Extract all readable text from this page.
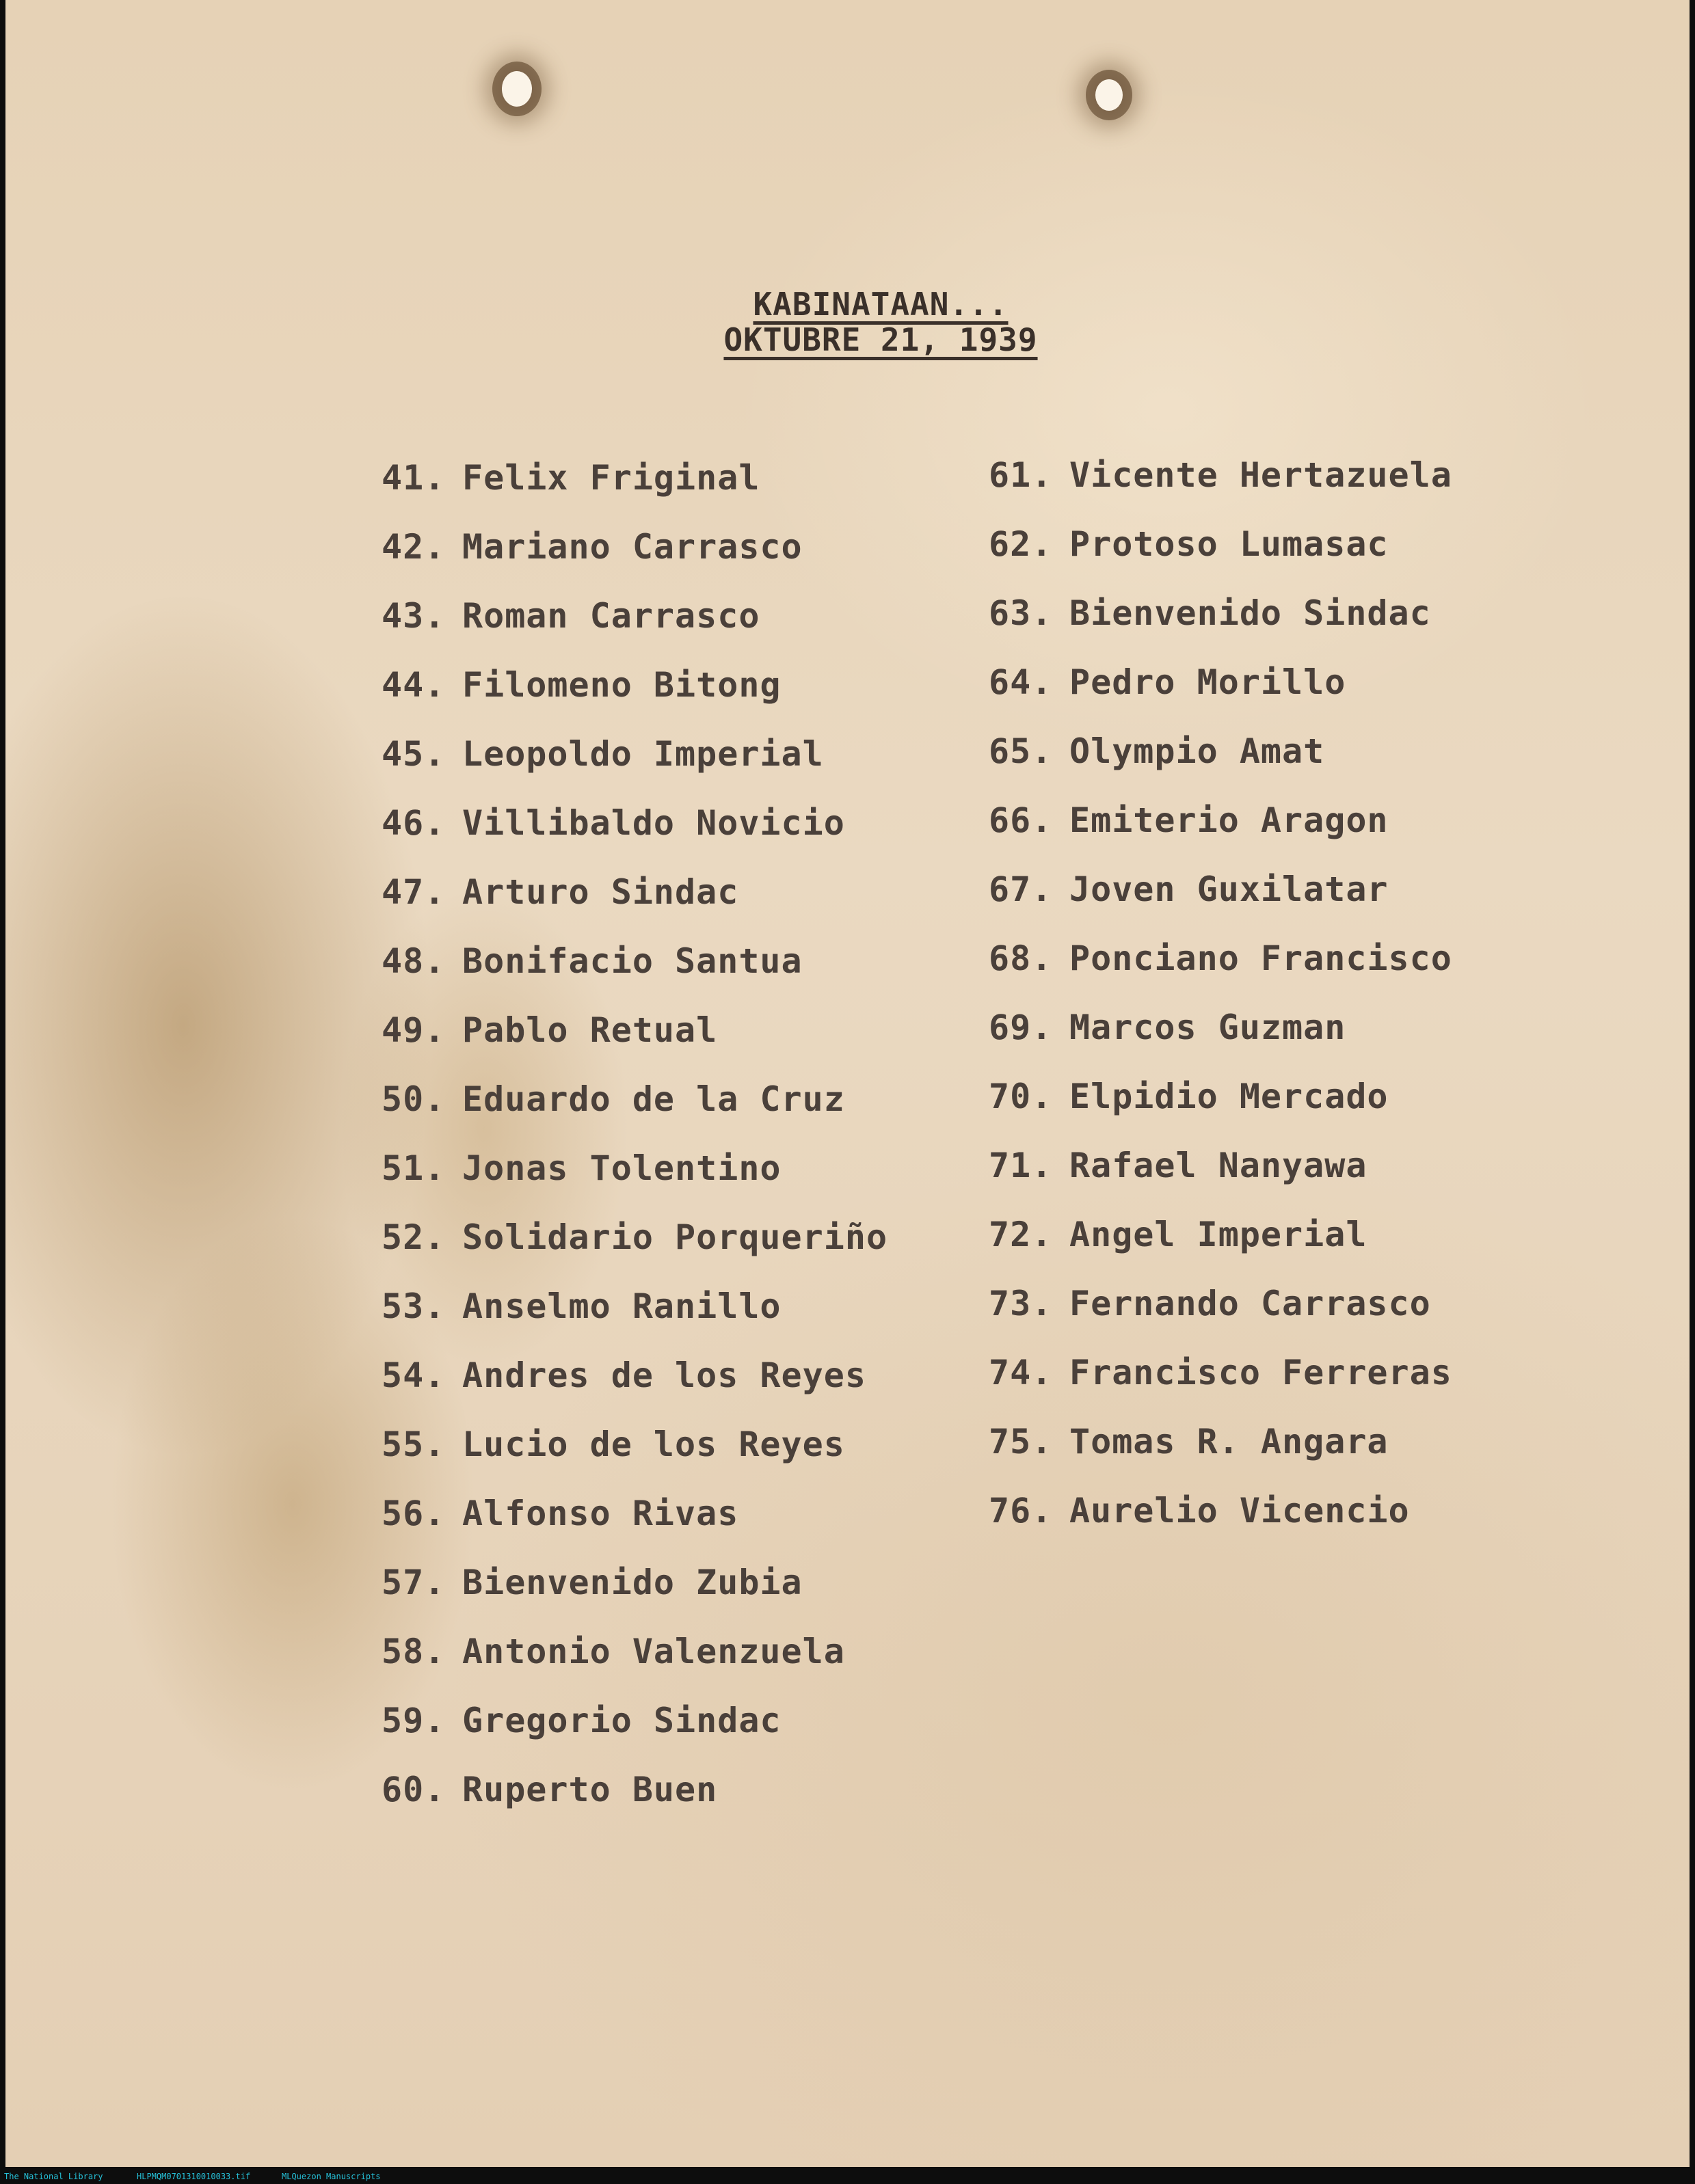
KABINATAAN...
OKTUBRE 21, 1939
41. Felix Friginal
42. Mariano Carrasco
43. Roman Carrasco
44. Filomeno Bitong
45. Leopoldo Imperial
46. Villibaldo Novicio
47. Arturo Sindac
48. Bonifacio Santua
49. Pablo Retual
50. Eduardo de la Cruz
51. Jonas Tolentino
52. Solidario Porqueriño
53. Anselmo Ranillo
54. Andres de los Reyes
55. Lucio de los Reyes
56. Alfonso Rivas
57. Bienvenido Zubia
58. Antonio Valenzuela
59. Gregorio Sindac
60. Ruperto Buen
61. Vicente Hertazuela
62. Protoso Lumasac
63. Bienvenido Sindac
64. Pedro Morillo
65. Olympio Amat
66. Emiterio Aragon
67. Joven Guxilatar
68. Ponciano Francisco
69. Marcos Guzman
70. Elpidio Mercado
71. Rafael Nanyawa
72. Angel Imperial
73. Fernando Carrasco
74. Francisco Ferreras
75. Tomas R. Angara
76. Aurelio Vicencio
The National Library	HLPMQM0701310010033.tif	MLQuezon Manuscripts
